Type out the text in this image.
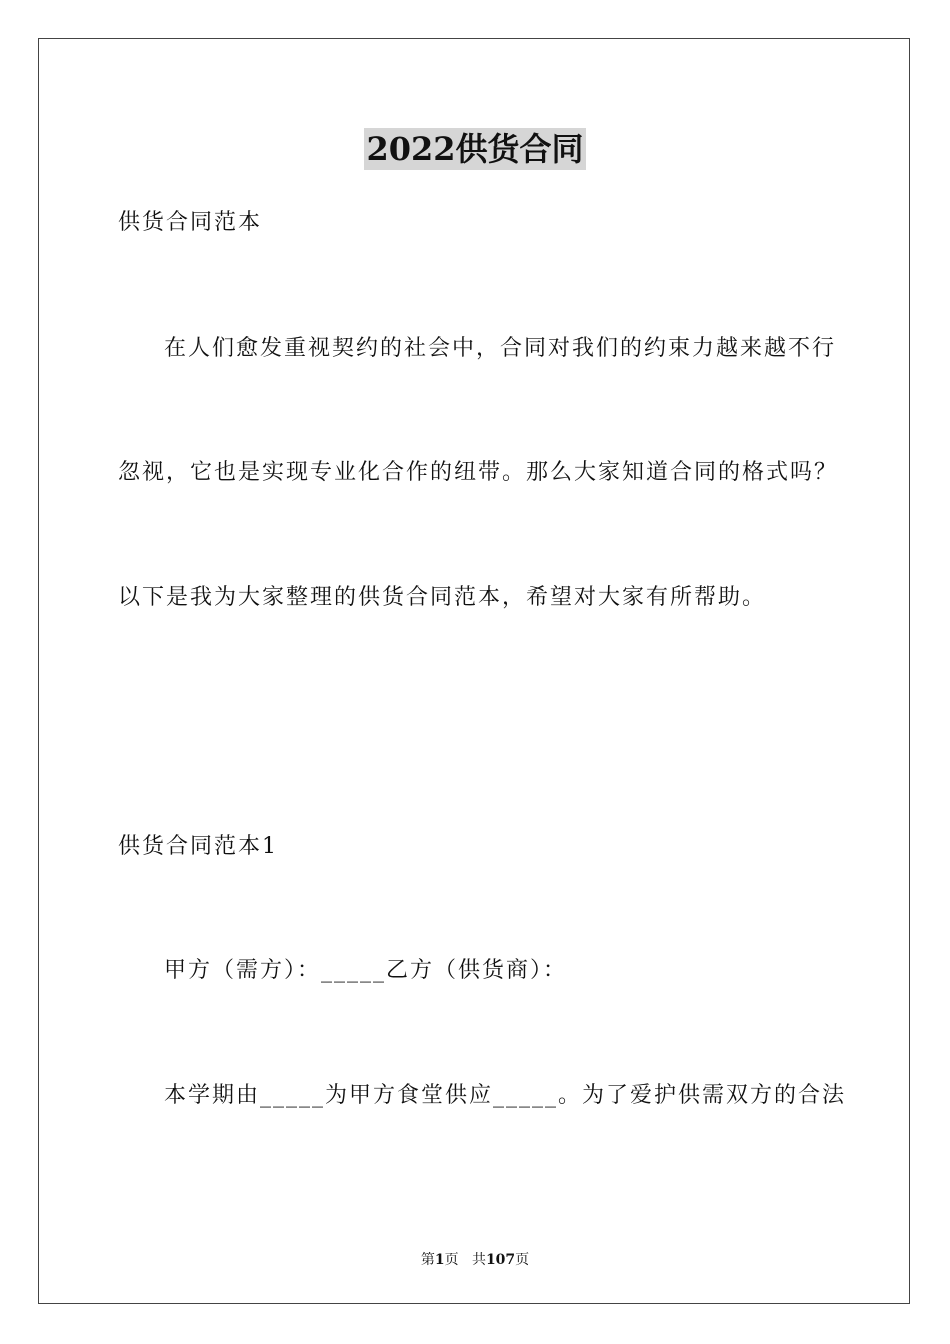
2022供货合同
供货合同范本
在人们愈发重视契约的社会中，合同对我们的约束力越来越不行
忽视，它也是实现专业化合作的纽带。那么大家知道合同的格式吗？
以下是我为大家整理的供货合同范本，希望对大家有所帮助。
供货合同范本1
甲方（需方）：_____乙方（供货商）：
本学期由_____为甲方食堂供应_____。为了爱护供需双方的合法
第1页 共107页
